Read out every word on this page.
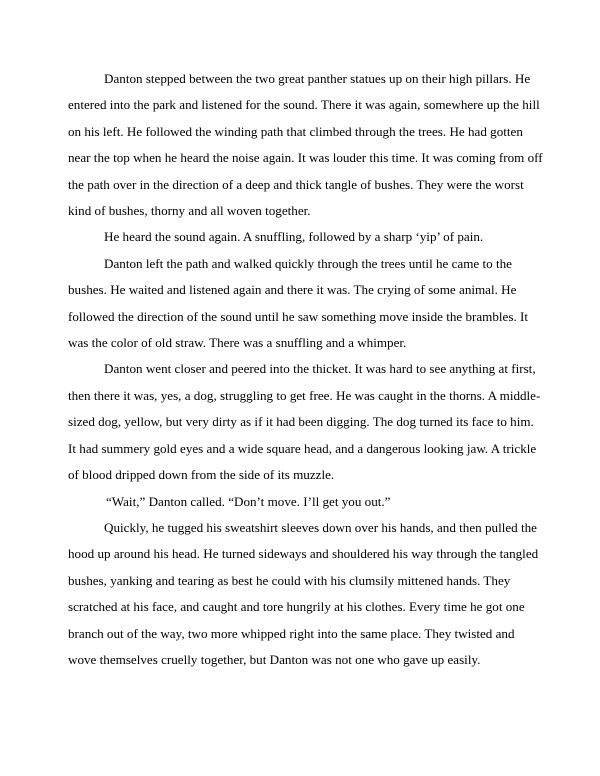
Danton stepped between the two great panther statues up on their high pillars. He entered into the park and listened for the sound. There it was again, somewhere up the hill on his left. He followed the winding path that climbed through the trees. He had gotten near the top when he heard the noise again. It was louder this time. It was coming from off the path over in the direction of a deep and thick tangle of bushes. They were the worst kind of bushes, thorny and all woven together.

He heard the sound again. A snuffling, followed by a sharp ‘yip’ of pain.

Danton left the path and walked quickly through the trees until he came to the bushes. He waited and listened again and there it was. The crying of some animal. He followed the direction of the sound until he saw something move inside the brambles. It was the color of old straw. There was a snuffling and a whimper.

Danton went closer and peered into the thicket. It was hard to see anything at first, then there it was, yes, a dog, struggling to get free. He was caught in the thorns. A middle-sized dog, yellow, but very dirty as if it had been digging. The dog turned its face to him. It had summery gold eyes and a wide square head, and a dangerous looking jaw. A trickle of blood dripped down from the side of its muzzle.

“Wait,” Danton called. “Don’t move. I’ll get you out.”

Quickly, he tugged his sweatshirt sleeves down over his hands, and then pulled the hood up around his head. He turned sideways and shouldered his way through the tangled bushes, yanking and tearing as best he could with his clumsily mittened hands. They scratched at his face, and caught and tore hungrily at his clothes. Every time he got one branch out of the way, two more whipped right into the same place. They twisted and wove themselves cruelly together, but Danton was not one who gave up easily.
